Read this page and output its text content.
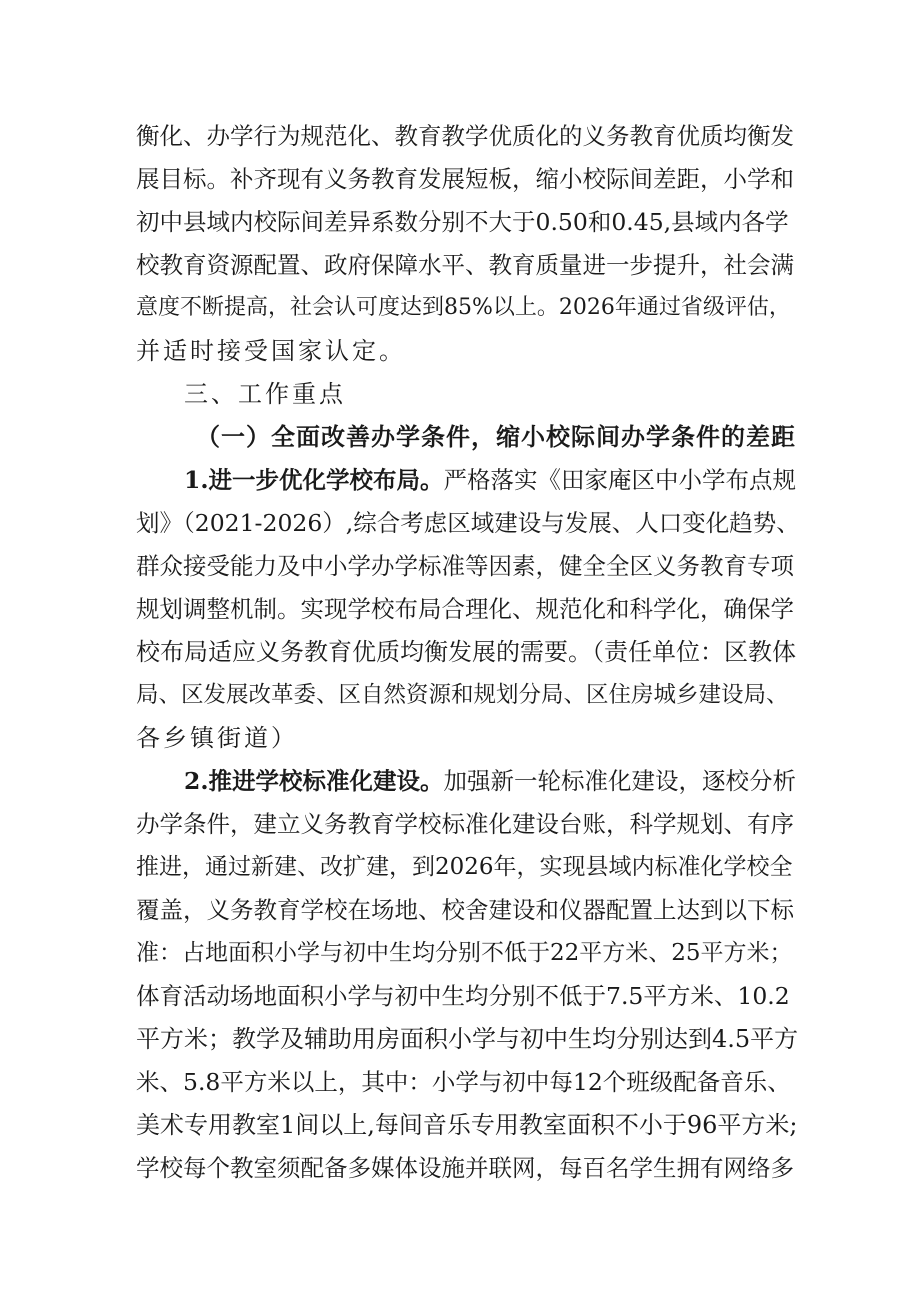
衡化、办学行为规范化、教育教学优质化的义务教育优质均衡发
展目标。补齐现有义务教育发展短板，缩小校际间差距，小学和
初中县域内校际间差异系数分别不大于0.50和0.45,县域内各学
校教育资源配置、政府保障水平、教育质量进一步提升，社会满
意度不断提高，社会认可度达到85%以上。2026年通过省级评估，
并适时接受国家认定。
三、工作重点
（一）全面改善办学条件，缩小校际间办学条件的差距
1.进一步优化学校布局。严格落实《田家庵区中小学布点规
划》（2021-2026）,综合考虑区域建设与发展、人口变化趋势、
群众接受能力及中小学办学标准等因素，健全全区义务教育专项
规划调整机制。实现学校布局合理化、规范化和科学化，确保学
校布局适应义务教育优质均衡发展的需要。（责任单位：区教体
局、区发展改革委、区自然资源和规划分局、区住房城乡建设局、
各乡镇街道）
2.推进学校标准化建设。加强新一轮标准化建设，逐校分析
办学条件，建立义务教育学校标准化建设台账，科学规划、有序
推进，通过新建、改扩建，到2026年，实现县域内标准化学校全
覆盖，义务教育学校在场地、校舍建设和仪器配置上达到以下标
准：占地面积小学与初中生均分别不低于22平方米、25平方米；
体育活动场地面积小学与初中生均分别不低于7.5平方米、10.2
平方米；教学及辅助用房面积小学与初中生均分别达到4.5平方
米、5.8平方米以上，其中：小学与初中每12个班级配备音乐、
美术专用教室1间以上,每间音乐专用教室面积不小于96平方米;
学校每个教室须配备多媒体设施并联网，每百名学生拥有网络多
